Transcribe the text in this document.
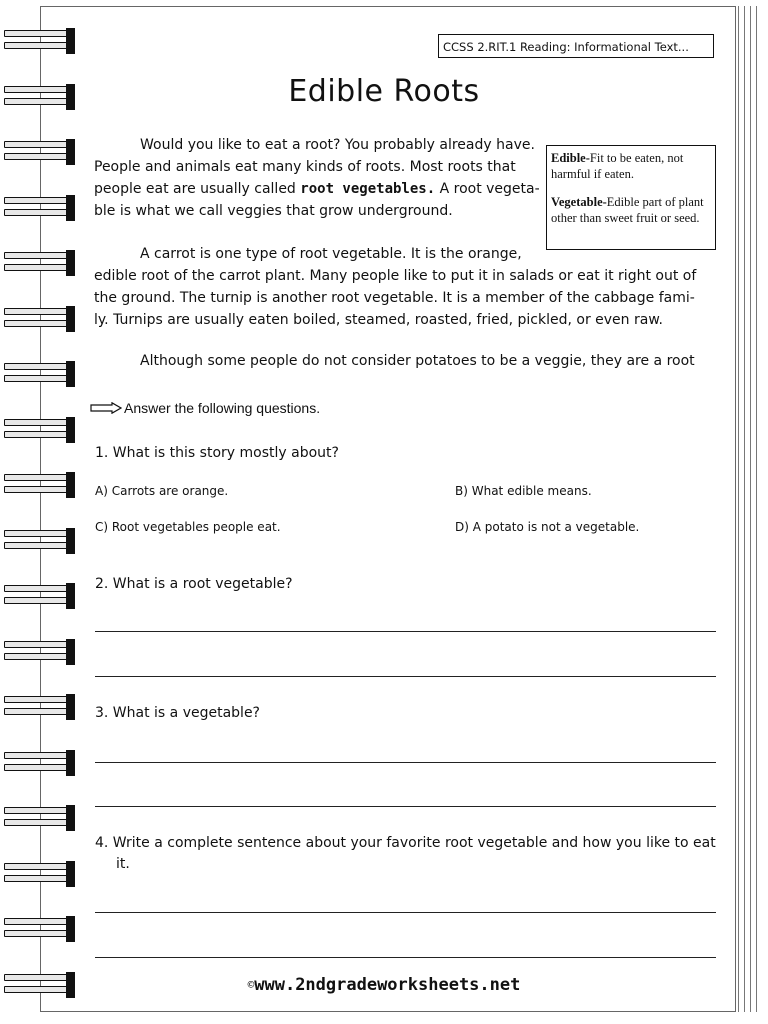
CCSS 2.RIT.1 Reading: Informational Text...
Edible Roots
Would you like to eat a root? You probably already have.
People and animals eat many kinds of roots. Most roots that
people eat are usually called root vegetables. A root vegeta-
ble is what we call veggies that grow underground.

Edible-Fit to be eaten, not harmful if eaten.

Vegetable-Edible part of plant other than sweet fruit or seed.

A carrot is one type of root vegetable. It is the orange,
edible root of the carrot plant. Many people like to put it in salads or eat it right out of
the ground. The turnip is another root vegetable. It is a member of the cabbage fami-
ly. Turnips are usually eaten boiled, steamed, roasted, fried, pickled, or even raw.
Although some people do not consider potatoes to be a veggie, they are a root
Answer the following questions.
1. What is this story mostly about?
A) Carrots are orange.	B) What edible means.
C) Root vegetables people eat.	D) A potato is not a vegetable.
2. What is a root vegetable?
3. What is a vegetable?
4. Write a complete sentence about your favorite root vegetable and how you like to eat
it.
©www.2ndgradeworksheets.net
